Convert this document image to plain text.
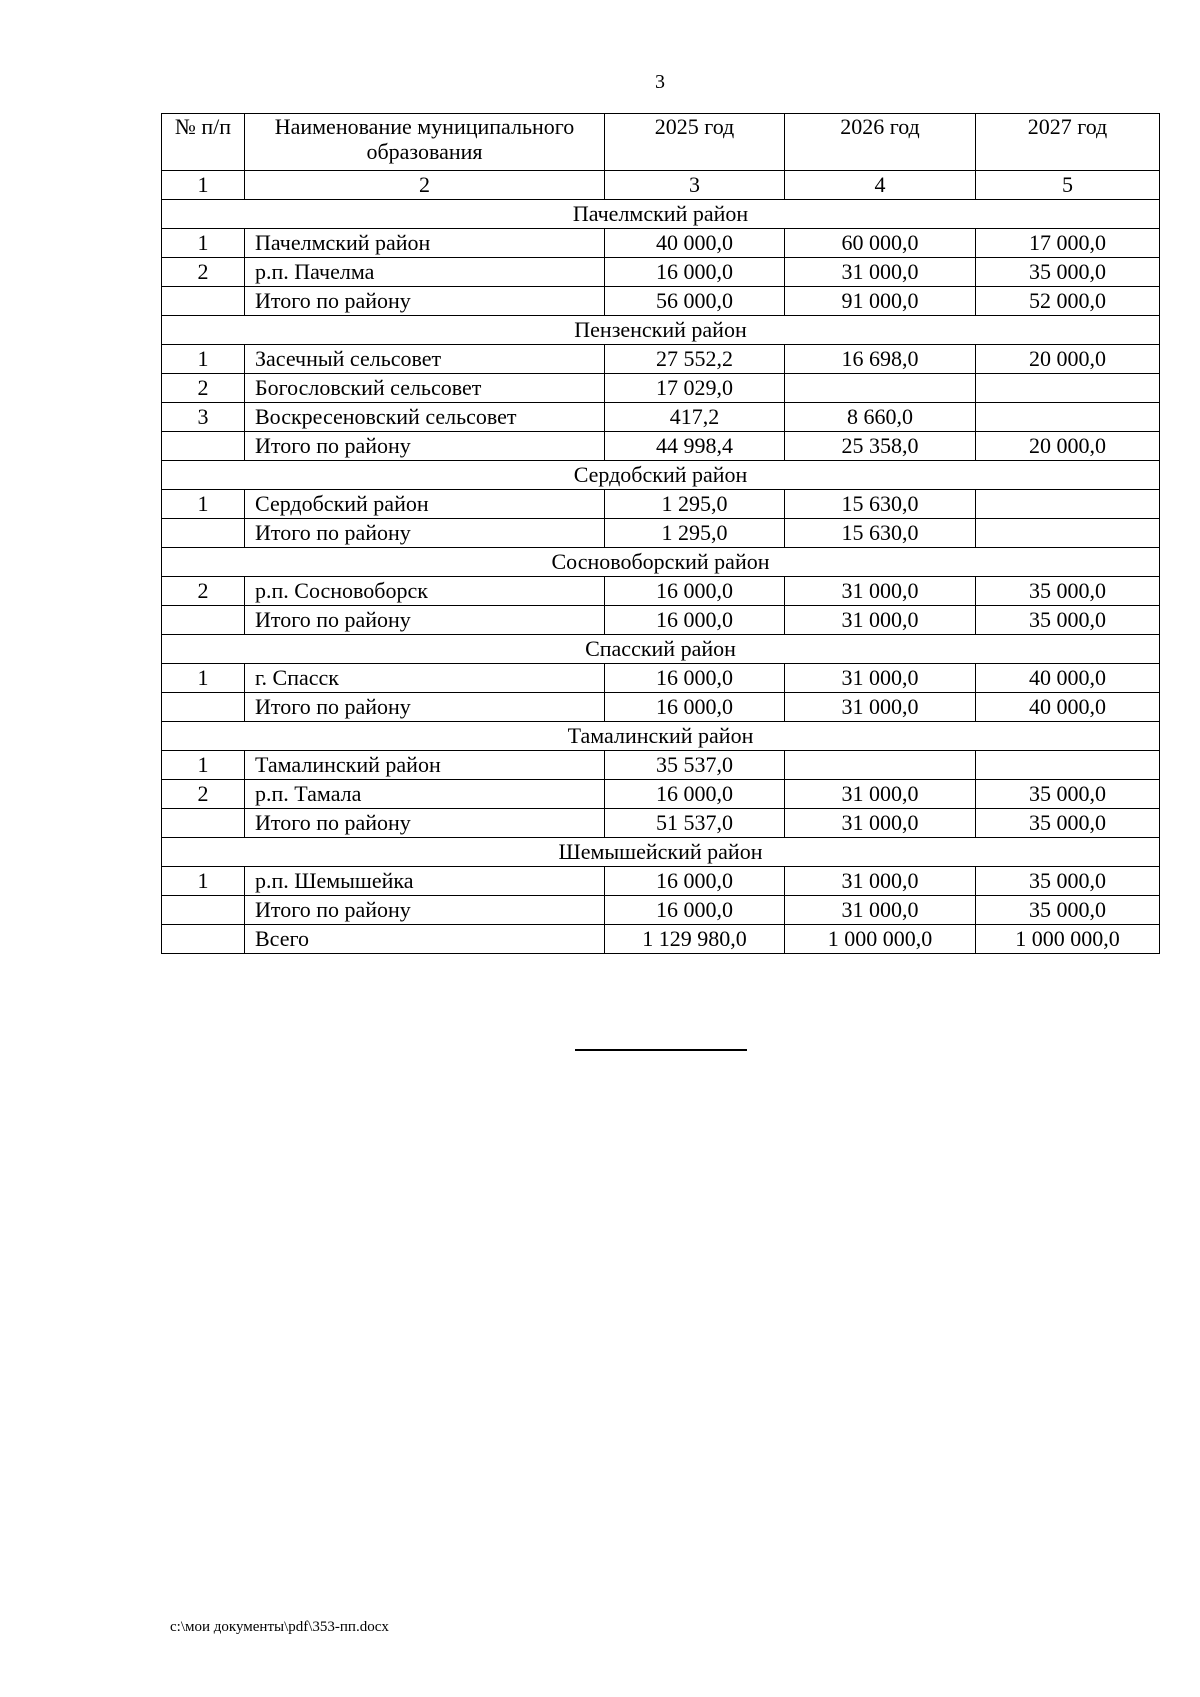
3
№ п/п	Наименование муниципального образования	2025 год	2026 год	2027 год
1	2	3	4	5
Пачелмский район				
1	Пачелмский район	40 000,0	60 000,0	17 000,0
2	р.п. Пачелма	16 000,0	31 000,0	35 000,0
	Итого по району	56 000,0	91 000,0	52 000,0
Пензенский район				
1	Засечный сельсовет	27 552,2	16 698,0	20 000,0
2	Богословский сельсовет	17 029,0		
3	Воскресеновский сельсовет	417,2	8 660,0	
	Итого по району	44 998,4	25 358,0	20 000,0
Сердобский район				
1	Сердобский район	1 295,0	15 630,0	
	Итого по району	1 295,0	15 630,0	
Сосновоборский район				
2	р.п. Сосновоборск	16 000,0	31 000,0	35 000,0
	Итого по району	16 000,0	31 000,0	35 000,0
Спасский район				
1	г. Спасск	16 000,0	31 000,0	40 000,0
	Итого по району	16 000,0	31 000,0	40 000,0
Тамалинский район				
1	Тамалинский район	35 537,0		
2	р.п. Тамала	16 000,0	31 000,0	35 000,0
	Итого по району	51 537,0	31 000,0	35 000,0
Шемышейский район				
1	р.п. Шемышейка	16 000,0	31 000,0	35 000,0
	Итого по району	16 000,0	31 000,0	35 000,0
	Всего	1 129 980,0	1 000 000,0	1 000 000,0
c:\мои документы\pdf\353-пп.docx
